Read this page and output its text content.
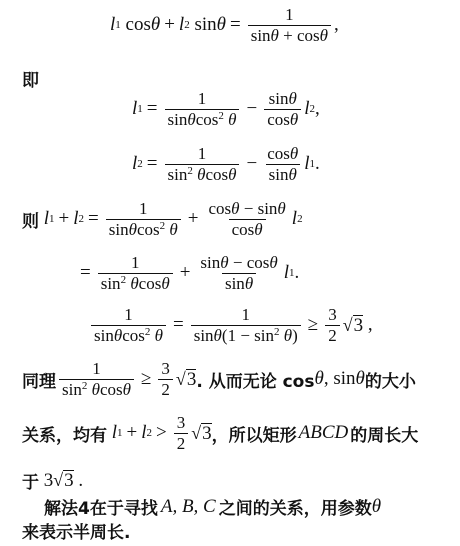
l 1 cos θ + l 2 $\sin \theta = \frac{1}{\sin\theta + \cos\theta}$ ,
即
l $1 = \frac{1}{\sin\theta\cos^2 \theta} - \frac{\sin\theta}{\cos\theta}$ l 2 ,
l $2 = \frac{1}{\sin^2 \theta\cos\theta} - \frac{\cos\theta}{\sin\theta}$ l 1 .
则 l 1 + l $2 = \frac{1}{\sin\theta\cos^2 \theta} + \frac{\cos\theta - \sin\theta}{\cos\theta}$ l 2
= $\frac{1}{\sin^2 \theta\cos\theta} + \frac{\sin\theta - \cos\theta}{\sin\theta}$ l 1 .
$\frac{1}{\sin\theta\cos^2 \theta} = \frac{1}{\sin\theta(1 - \sin^2 \theta)} \ge \frac{3}{2}$ √ 3 ,
同理 $\frac{1}{\sin^2 \theta\cos\theta} \ge \frac{3}{2}$ √ 3 . 从而无论 cos θ , sin θ 的大小
关系，均有 l 1 + l $2 > \frac{3}{2}$ √ 3 ，所以矩形 ABCD 的周长大
于 3 √ 3 .
解法4在于寻找 A, B, C 之间的关系，用参数 θ
来表示半周长.
